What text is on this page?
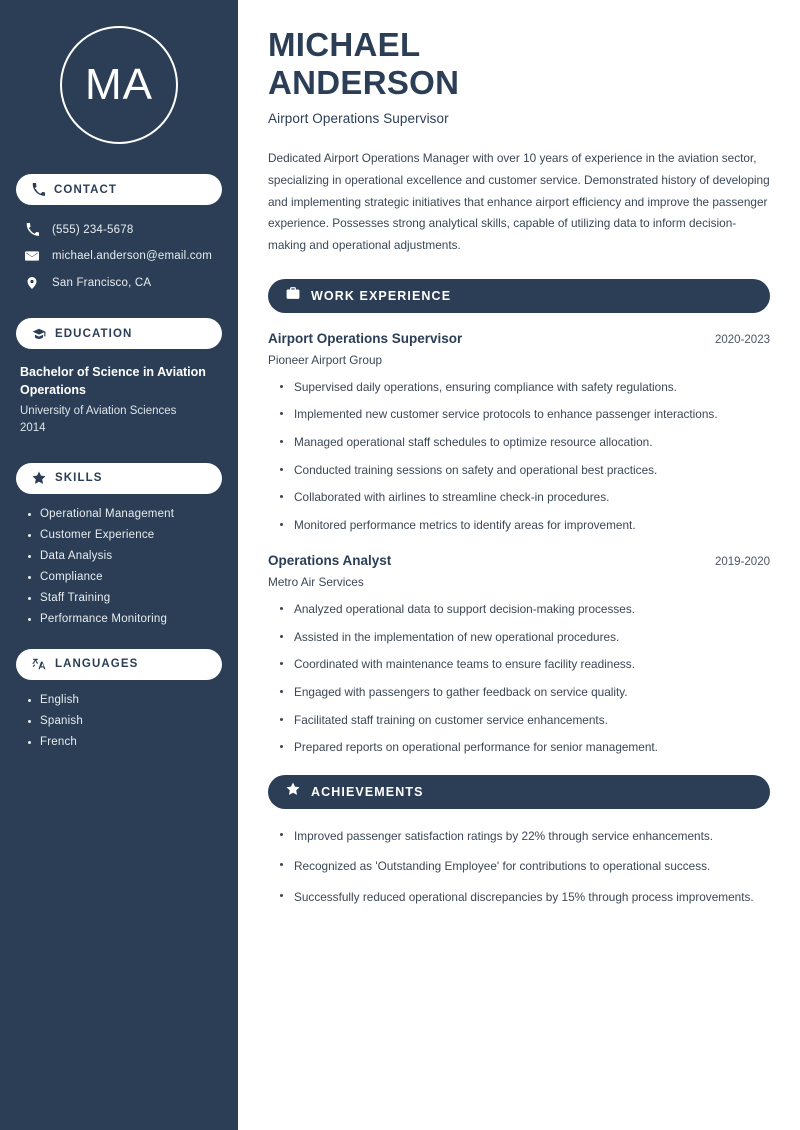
MA
CONTACT
(555) 234-5678
michael.anderson@email.com
San Francisco, CA
EDUCATION
Bachelor of Science in Aviation Operations
University of Aviation Sciences
2014
SKILLS
Operational Management
Customer Experience
Data Analysis
Compliance
Staff Training
Performance Monitoring
LANGUAGES
English
Spanish
French
MICHAEL
ANDERSON
Airport Operations Supervisor

Dedicated Airport Operations Manager with over 10 years of experience in the aviation sector, specializing in operational excellence and customer service. Demonstrated history of developing and implementing strategic initiatives that enhance airport efficiency and improve the passenger experience. Possesses strong analytical skills, capable of utilizing data to inform decision-making and operational adjustments.

WORK EXPERIENCE
Airport Operations Supervisor	2020-2023
Pioneer Airport Group
Supervised daily operations, ensuring compliance with safety regulations.
Implemented new customer service protocols to enhance passenger interactions.
Managed operational staff schedules to optimize resource allocation.
Conducted training sessions on safety and operational best practices.
Collaborated with airlines to streamline check-in procedures.
Monitored performance metrics to identify areas for improvement.
Operations Analyst	2019-2020
Metro Air Services
Analyzed operational data to support decision-making processes.
Assisted in the implementation of new operational procedures.
Coordinated with maintenance teams to ensure facility readiness.
Engaged with passengers to gather feedback on service quality.
Facilitated staff training on customer service enhancements.
Prepared reports on operational performance for senior management.
ACHIEVEMENTS
Improved passenger satisfaction ratings by 22% through service enhancements.
Recognized as 'Outstanding Employee' for contributions to operational success.
Successfully reduced operational discrepancies by 15% through process improvements.
